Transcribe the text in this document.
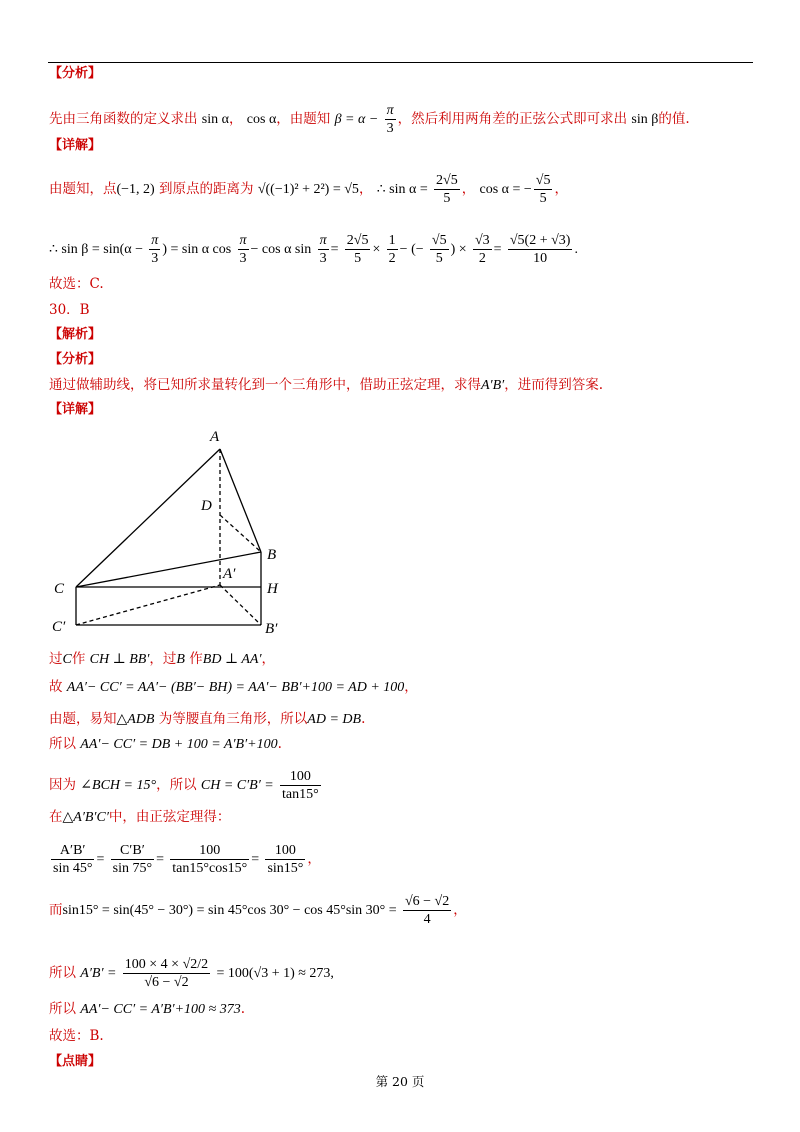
【分析】
先由三角函数的定义求出 sin α， cos α，由题知 $\beta = \alpha - \frac{\pi}{3}$ ，然后利用两角差的正弦公式即可求出 sin β的值.
【详解】
由题知，点(−1, 2) 到原点的距离为 √((−1)² + 2²) = √5， ∴ $\sin \alpha = \frac{2√5}{5}$ ， cos α = − $\frac{√5}{5}$ ，
∴ $\sin \beta = \sin(\alpha - \frac{\pi}{3}$ ) = sin α $\cos \frac{\pi}{3} - \cos \alpha$ $\sin \frac{\pi}{3} = \frac{2√5}{5} \times \frac{1}{2}$ − (− $\frac{√5}{5}$ ) × $\frac{√3}{2} = \frac{√5(2 + √3)}{10}$ .
故选：C.
30．B
【解析】
【分析】
通过做辅助线，将已知所求量转化到一个三角形中，借助正弦定理，求得A′B′，进而得到答案.
【详解】
A
D
B
A′
C	H
C′	B′
过C作 CH ⊥ BB′，过B 作BD ⊥ AA′，
故 AA′− CC′ = AA′− (BB′− BH) = AA′− BB′+100 = AD + 100，
由题，易知△ADB 为等腰直角三角形，所以AD = DB.
所以 AA′− CC′ = DB + 100 = A′B′+100.
因为 ∠BCH = 15°，所以 CH = $C'B' = \frac{100}{\tan 15^\circ}$
在△A′B′C′中，由正弦定理得：
$\frac{A'B'}{\sin 45^\circ} = \frac{C'B'}{\sin 75^\circ} = \frac{100}{\tan 15^\circ\cos 15^\circ} = \frac{100}{\sin 15^\circ}$ ，
而sin15° = sin(45° − 30°) = sin 45°cos 30° − cos 45°sin $30^\circ = \frac{√6 - √2}{4}$ ，
所以 $A'B' = \frac{100 \times 4 \times √2/2}{√6 - √2} = 100(√3 + 1) \approx 273$,
所以 AA′− CC′ = A′B′+100 ≈ 373.
故选：B.
【点睛】
第 20 页
